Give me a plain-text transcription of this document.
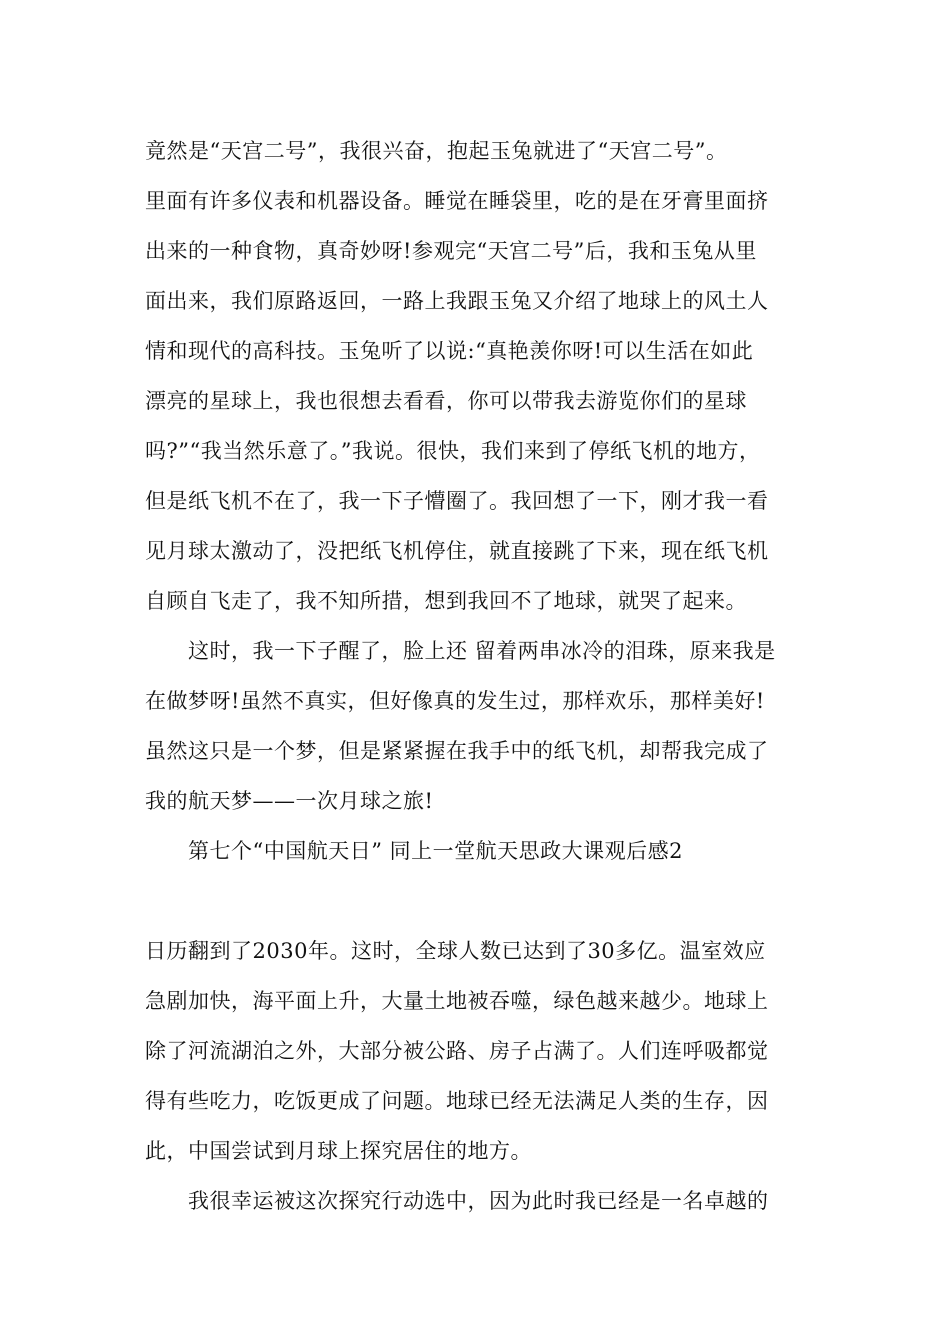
竟然是“天宫二号”，我很兴奋，抱起玉兔就进了“天宫二号”。
里面有许多仪表和机器设备。睡觉在睡袋里，吃的是在牙膏里面挤
出来的一种食物，真奇妙呀!参观完“天宫二号”后，我和玉兔从里
面出来，我们原路返回，一路上我跟玉兔又介绍了地球上的风土人
情和现代的高科技。玉兔听了以说:“真艳羡你呀!可以生活在如此
漂亮的星球上，我也很想去看看，你可以带我去游览你们的星球
吗?”“我当然乐意了。”我说。很快，我们来到了停纸飞机的地方，
但是纸飞机不在了，我一下子懵圈了。我回想了一下，刚才我一看
见月球太激动了，没把纸飞机停住，就直接跳了下来，现在纸飞机
自顾自飞走了，我不知所措，想到我回不了地球，就哭了起来。
这时，我一下子醒了，脸上还 留着两串冰冷的泪珠，原来我是
在做梦呀!虽然不真实，但好像真的发生过，那样欢乐，那样美好!
虽然这只是一个梦，但是紧紧握在我手中的纸飞机，却帮我完成了
我的航天梦——一次月球之旅!
第七个“中国航天日” 同上一堂航天思政大课观后感2
日历翻到了2030年。这时，全球人数已达到了30多亿。温室效应
急剧加快，海平面上升，大量土地被吞噬，绿色越来越少。地球上
除了河流湖泊之外，大部分被公路、房子占满了。人们连呼吸都觉
得有些吃力，吃饭更成了问题。地球已经无法满足人类的生存，因
此，中国尝试到月球上探究居住的地方。
我很幸运被这次探究行动选中，因为此时我已经是一名卓越的
